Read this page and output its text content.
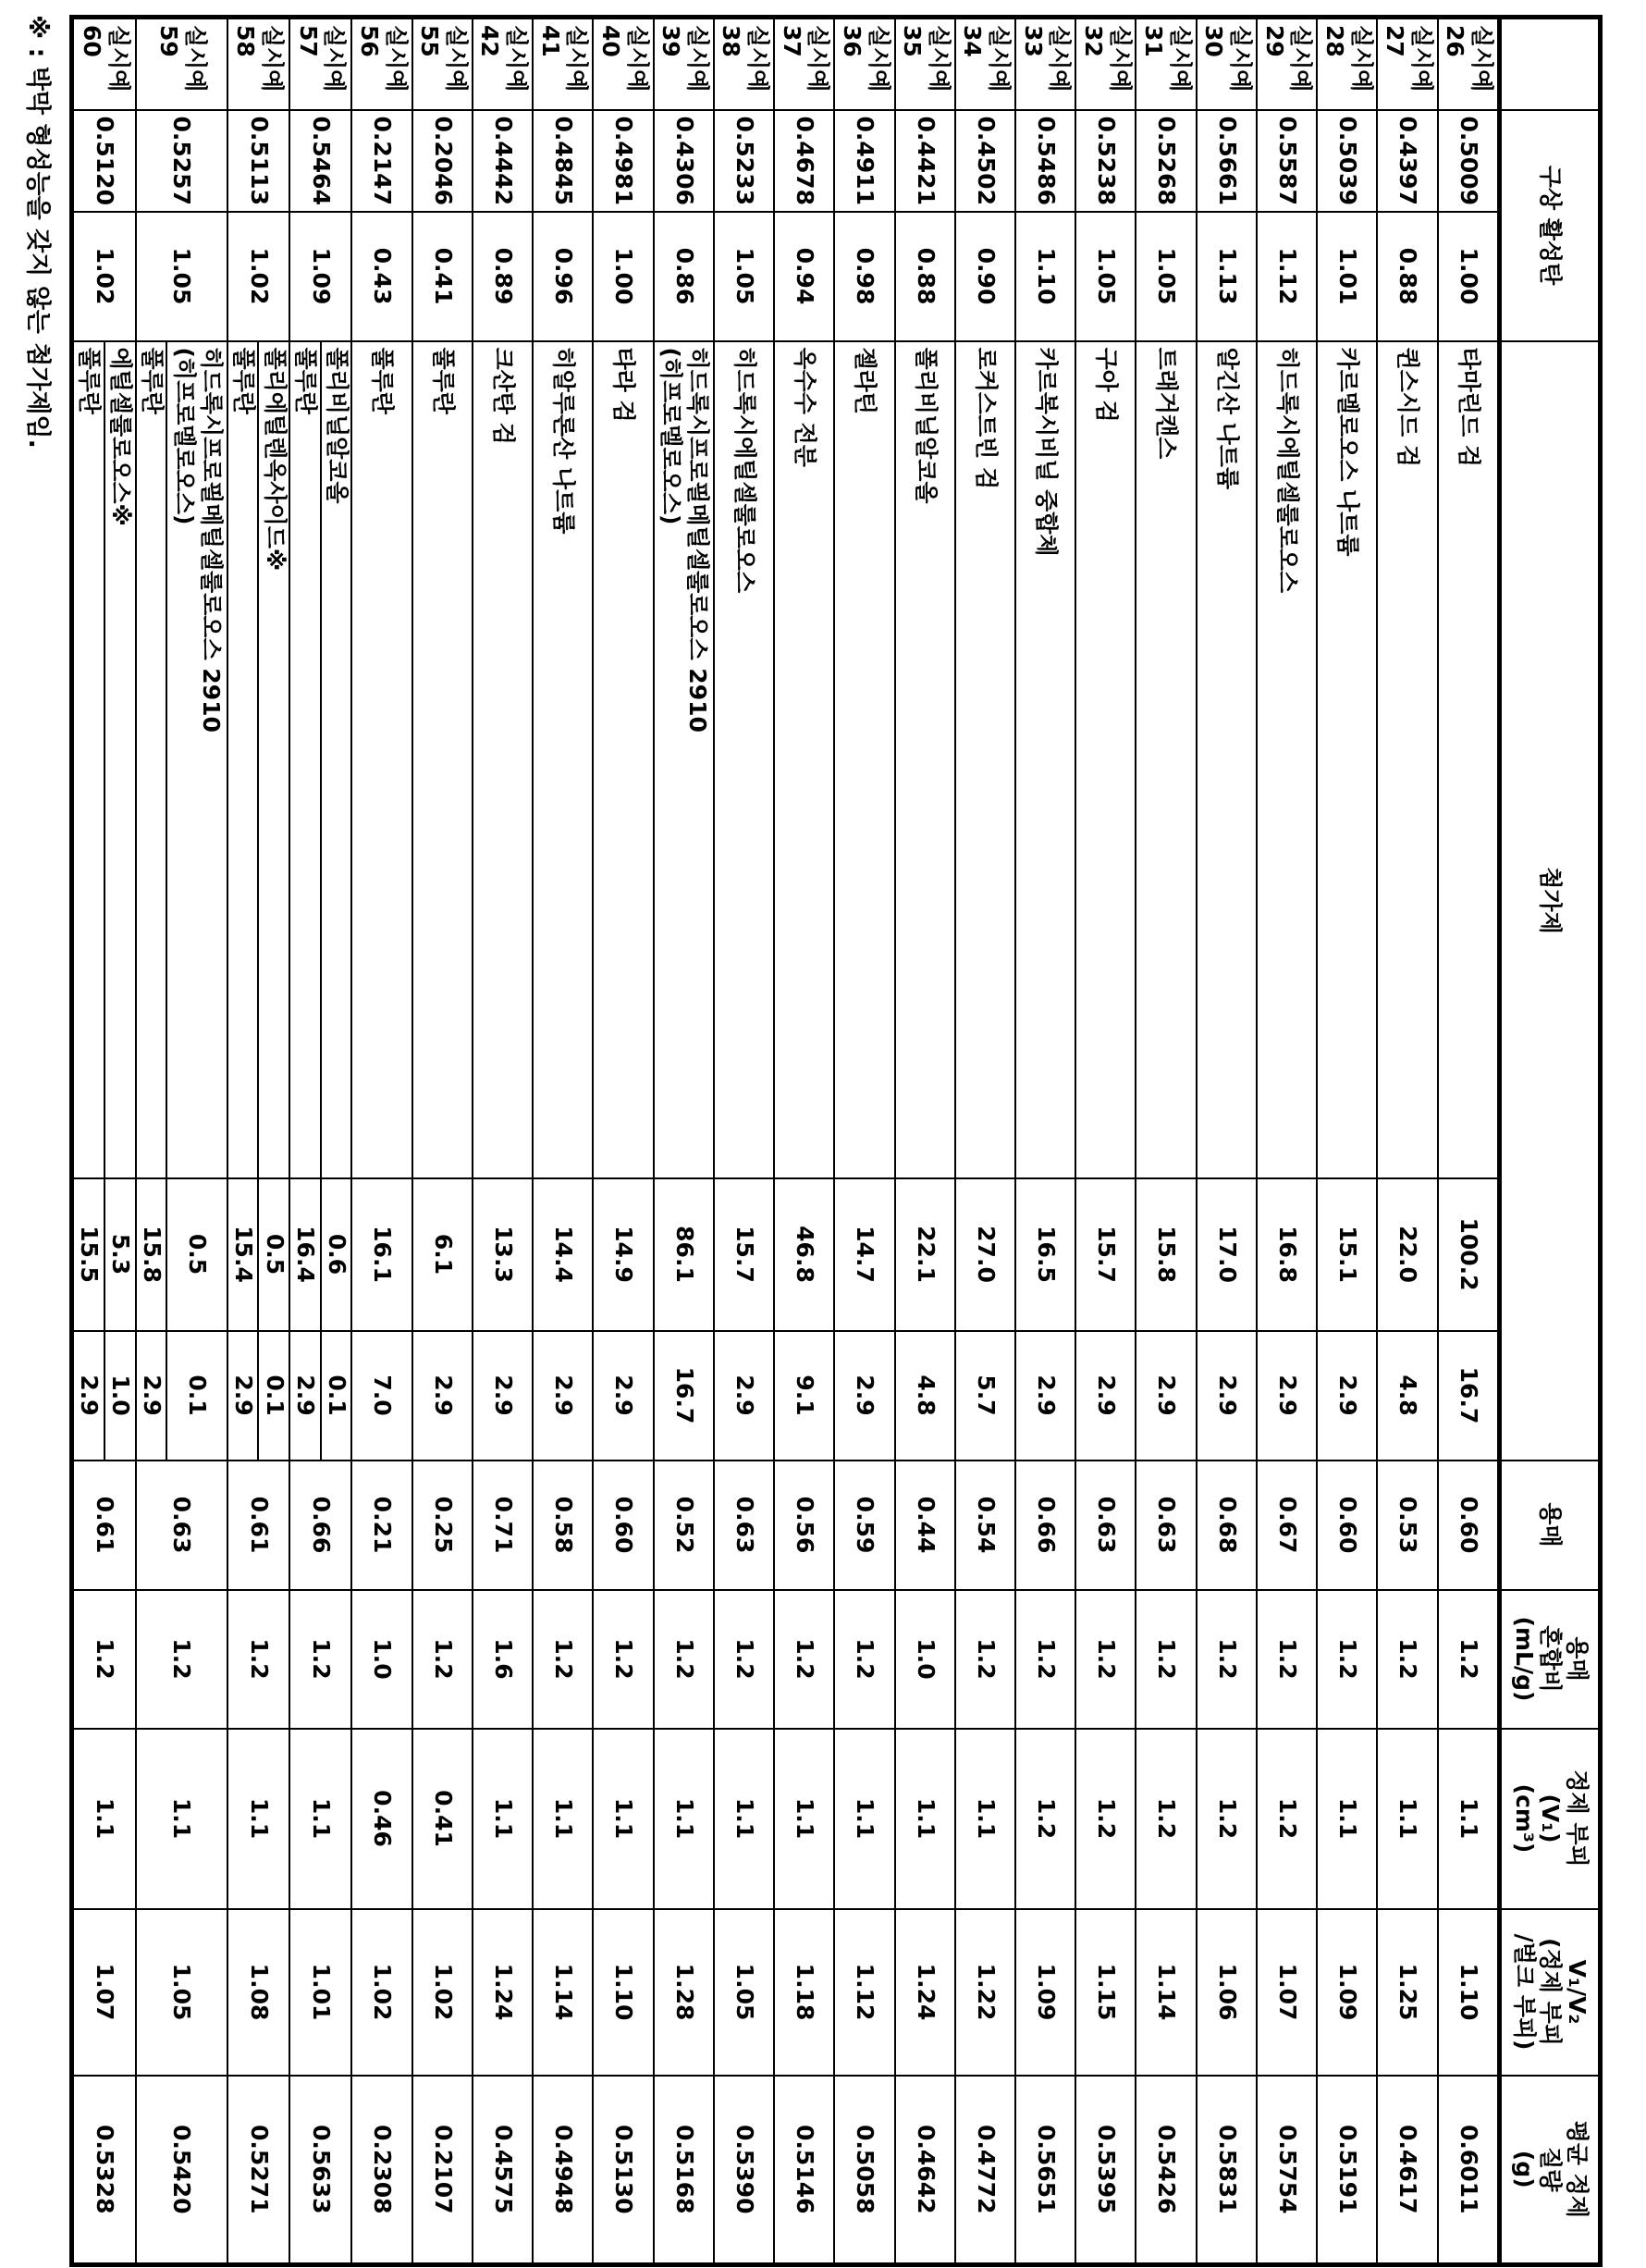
	구상 활성탄	첨가제	용매	용매
혼합비
(mL/g)	정제 부피
(V₁)
(cm³)	V₁/V₂
(정제 부피
/벌크 부피)	평균 정제
질량
(g)
실시예26	0.5009	1.00	타마린드 검	100.2	16.7	0.60	1.2	1.1	1.10	0.6011
실시예27	0.4397	0.88	퀸스시드 검	22.0	4.8	0.53	1.2	1.1	1.25	0.4617
실시예28	0.5039	1.01	카르멜로오스 나트륨	15.1	2.9	0.60	1.2	1.1	1.09	0.5191
실시예29	0.5587	1.12	히드록시에틸셀룰로오스	16.8	2.9	0.67	1.2	1.2	1.07	0.5754
실시예30	0.5661	1.13	알긴산 나트륨	17.0	2.9	0.68	1.2	1.2	1.06	0.5831
실시예31	0.5268	1.05	트래거캔스	15.8	2.9	0.63	1.2	1.2	1.14	0.5426
실시예32	0.5238	1.05	구아 검	15.7	2.9	0.63	1.2	1.2	1.15	0.5395
실시예33	0.5486	1.10	카르복시비닐 중합체	16.5	2.9	0.66	1.2	1.2	1.09	0.5651
실시예34	0.4502	0.90	로커스트빈 검	27.0	5.7	0.54	1.2	1.1	1.22	0.4772
실시예35	0.4421	0.88	폴리비닐알코올	22.1	4.8	0.44	1.0	1.1	1.24	0.4642
실시예36	0.4911	0.98	젤라틴	14.7	2.9	0.59	1.2	1.1	1.12	0.5058
실시예37	0.4678	0.94	옥수수 전분	46.8	9.1	0.56	1.2	1.1	1.18	0.5146
실시예38	0.5233	1.05	히드록시에틸셀룰로오스	15.7	2.9	0.63	1.2	1.1	1.05	0.5390
실시예39	0.4306	0.86	히드록시프로필메틸셀룰로오스 2910
(히프로멜로오스)	86.1	16.7	0.52	1.2	1.1	1.28	0.5168
실시예40	0.4981	1.00	타라 검	14.9	2.9	0.60	1.2	1.1	1.10	0.5130
실시예41	0.4845	0.96	히알루론산 나트륨	14.4	2.9	0.58	1.2	1.1	1.14	0.4948
실시예42	0.4442	0.89	크산탄 검	13.3	2.9	0.71	1.6	1.1	1.24	0.4575
실시예55	0.2046	0.41	풀루란	6.1	2.9	0.25	1.2	0.41	1.02	0.2107
실시예56	0.2147	0.43	풀루란	16.1	7.0	0.21	1.0	0.46	1.02	0.2308
실시예57	0.5464	1.09	폴리비닐알코올	0.6	0.1	0.66	1.2	1.1	1.01	0.5633
풀루란	16.4	2.9
실시예58	0.5113	1.02	폴리에틸렌옥사이드※	0.5	0.1	0.61	1.2	1.1	1.08	0.5271
풀루란	15.4	2.9
실시예59	0.5257	1.05	히드록시프로필메틸셀룰로오스 2910
(히프로멜로오스)	0.5	0.1	0.63	1.2	1.1	1.05	0.5420
풀루란	15.8	2.9
실시예60	0.5120	1.02	에틸셀룰로오스※	5.3	1.0	0.61	1.2	1.1	1.07	0.5328
풀루란	15.5	2.9
※ : 박막 형성능을 갖지 않는 첨가제임.
